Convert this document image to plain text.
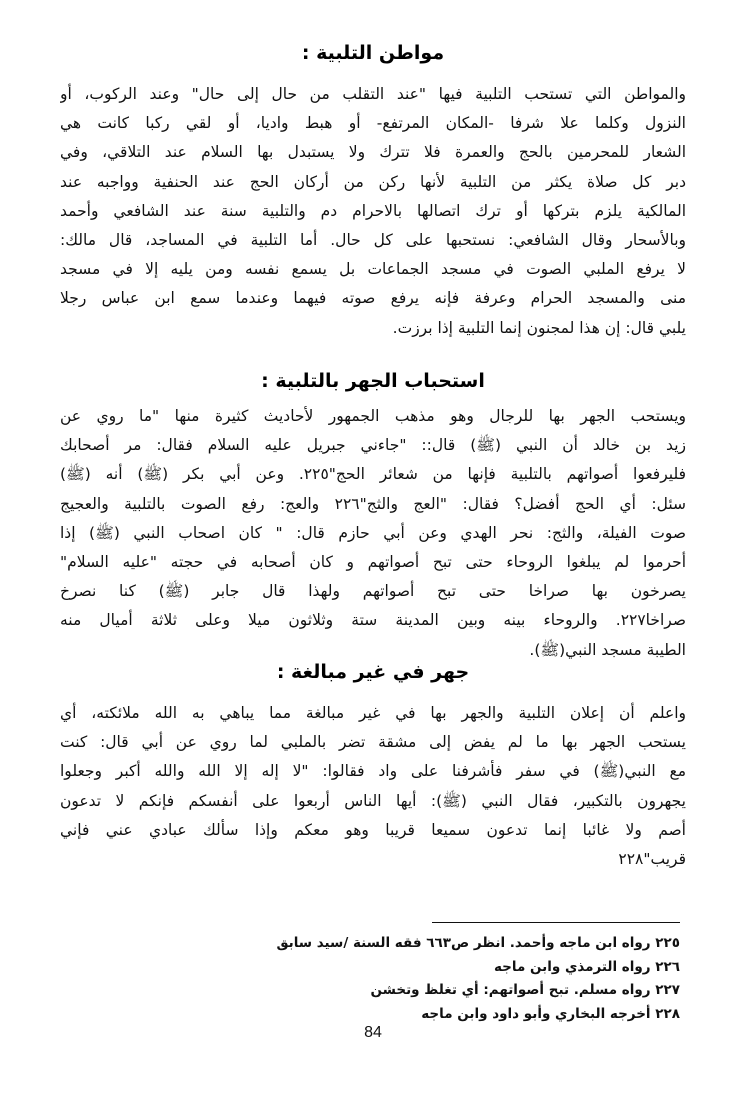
مواطن التلبية :
والمواطن التي تستحب التلبية فيها "عند التقلب من حال إلى حال" وعند الركوب، أو
النزول وكلما علا شرفا -المكان المرتفع- أو هبط واديا، أو لقي ركبا كانت هي
الشعار للمحرمين بالحج والعمرة فلا تترك ولا يستبدل بها السلام عند التلاقي، وفي
دبر كل صلاة يكثر من التلبية لأنها ركن من أركان الحج عند الحنفية وواجبه عند
المالكية يلزم بتركها أو ترك اتصالها بالاحرام دم والتلبية سنة عند الشافعي وأحمد
وبالأسحار وقال الشافعي: نستحبها على كل حال. أما التلبية في المساجد، قال مالك:
لا يرفع الملبي الصوت في مسجد الجماعات بل يسمع نفسه ومن يليه إلا في مسجد
منى والمسجد الحرام وعرفة فإنه يرفع صوته فيهما وعندما سمع ابن عباس رجلا
يلبي قال: إن هذا لمجنون إنما التلبية إذا برزت.
استحباب الجهر بالتلبية :
ويستحب الجهر بها للرجال وهو مذهب الجمهور لأحاديث كثيرة منها "ما روي عن
زيد بن خالد أن النبي (ﷺ) قال:: "جاءني جبريل عليه السلام فقال: مر أصحابك
فليرفعوا أصواتهم بالتلبية فإنها من شعائر الحج"٢٢٥. وعن أبي بكر (ﷺ) أنه (ﷺ)
سئل: أي الحج أفضل؟ فقال: "العج والثج"٢٢٦ والعج: رفع الصوت بالتلبية والعجيج
صوت الفيلة، والثج: نحر الهدي وعن أبي حازم قال: " كان اصحاب النبي (ﷺ) إذا
أحرموا لم يبلغوا الروحاء حتى تبح أصواتهم و كان أصحابه في حجته "عليه السلام"
يصرخون بها صراخا حتى تبح أصواتهم ولهذا قال جابر (ﷺ) كنا نصرخ
صراخا٢٢٧. والروحاء بينه وبين المدينة ستة وثلاثون ميلا وعلى ثلاثة أميال منه
الطيبة مسجد النبي(ﷺ).
جهر في غير مبالغة :
واعلم أن إعلان التلبية والجهر بها في غير مبالغة مما يباهي به الله ملائكته، أي
يستحب الجهر بها ما لم يفض إلى مشقة تضر بالملبي لما روي عن أبي قال: كنت
مع النبي(ﷺ) في سفر فأشرفنا على واد فقالوا: "لا إله إلا الله والله أكبر وجعلوا
يجهرون بالتكبير، فقال النبي (ﷺ): أيها الناس أربعوا على أنفسكم فإنكم لا تدعون
أصم ولا غائبا إنما تدعون سميعا قريبا وهو معكم وإذا سألك عبادي عني فإني
قريب"٢٢٨
٢٢٥ رواه ابن ماجه وأحمد. انظر ص٦٦٣ فقه السنة /سيد سابق
٢٢٦ رواه الترمذي وابن ماجه
٢٢٧ رواه مسلم. تبح أصواتهم: أي تغلظ وتخشن
٢٢٨ أخرجه البخاري وأبو داود وابن ماجه
84
